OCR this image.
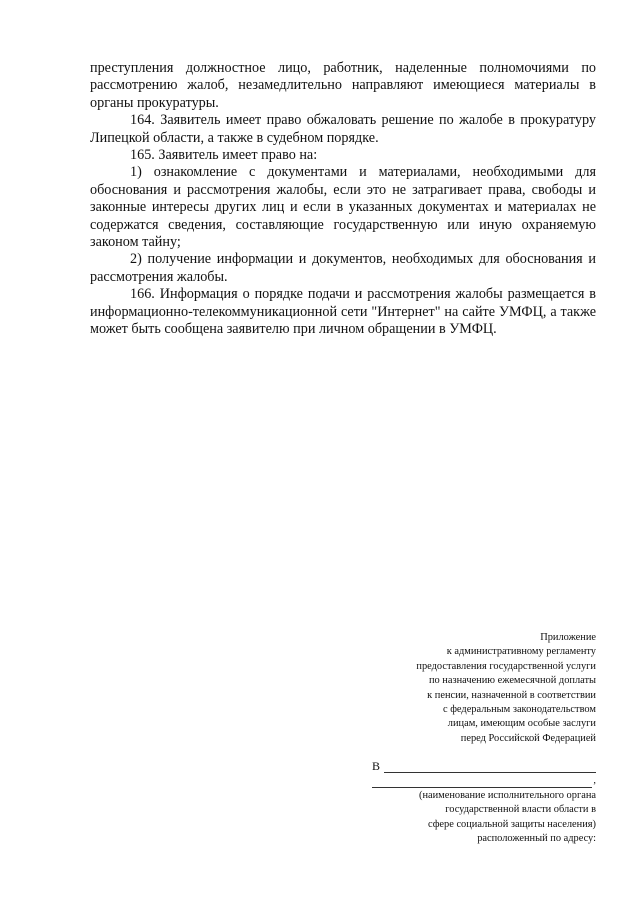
преступления должностное лицо, работник, наделенные полномочиями по рассмотрению жалоб, незамедлительно направляют имеющиеся материалы в органы прокуратуры.

164. Заявитель имеет право обжаловать решение по жалобе в прокуратуру Липецкой области, а также в судебном порядке.

165. Заявитель имеет право на:

1) ознакомление с документами и материалами, необходимыми для обоснования и рассмотрения жалобы, если это не затрагивает права, свободы и законные интересы других лиц и если в указанных документах и материалах не содержатся сведения, составляющие государственную или иную охраняемую законом тайну;

2) получение информации и документов, необходимых для обоснования и рассмотрения жалобы.

166. Информация о порядке подачи и рассмотрения жалобы размещается в информационно-телекоммуникационной сети "Интернет" на сайте УМФЦ, а также может быть сообщена заявителю при личном обращении в УМФЦ.

Приложение
к административному регламенту
предоставления государственной услуги
по назначению ежемесячной доплаты
к пенсии, назначенной в соответствии
с федеральным законодательством
лицам, имеющим особые заслуги
перед Российской Федерацией
В
,
(наименование исполнительного органа
государственной власти области в
сфере социальной защиты населения)
расположенный по адресу:
